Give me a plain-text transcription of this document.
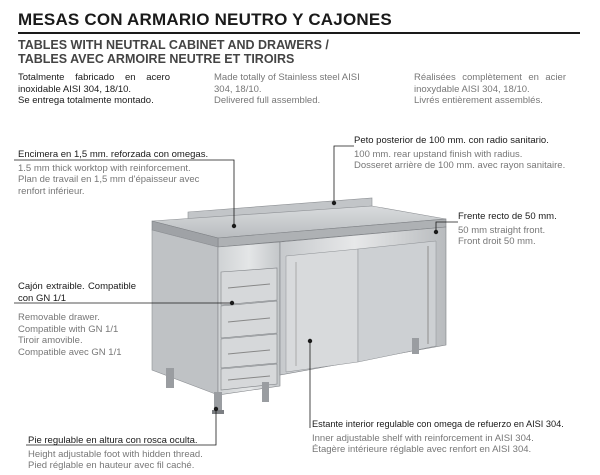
MESAS CON ARMARIO NEUTRO Y CAJONES
TABLES WITH NEUTRAL CABINET AND DRAWERS /
TABLES AVEC ARMOIRE NEUTRE ET TIROIRS
Totalmente fabricado en acero
inoxidable AISI 304, 18/10.
Se entrega totalmente montado.
Made totally of Stainless steel AISI
304, 18/10.
Delivered full assembled.
Réalisées complètement en acier
inoxydable AISI 304, 18/10.
Livrés entièrement assemblés.
Encimera en 1,5 mm. reforzada con omegas.
1.5 mm thick worktop with reinforcement.
Plan de travail en 1,5 mm d'épaisseur avec
renfort inférieur.
Peto posterior de 100 mm. con radio sanitario.
100 mm. rear upstand finish with radius.
Dosseret arrière de 100 mm. avec rayon sanitaire.
Frente recto de 50 mm.
50 mm straight front.
Front droit 50 mm.
Cajón extraible. Compatible
con GN 1/1
Removable drawer.
Compatible with GN 1/1
Tiroir amovible.
Compatible avec GN 1/1
Estante interior regulable con omega de refuerzo en AISI 304.
Inner adjustable shelf with reinforcement in AISI 304.
Étagère intérieure réglable avec renfort en AISI 304.
Pie regulable en altura con rosca oculta.
Height adjustable foot with hidden thread.
Pied réglable en hauteur avec fil caché.
